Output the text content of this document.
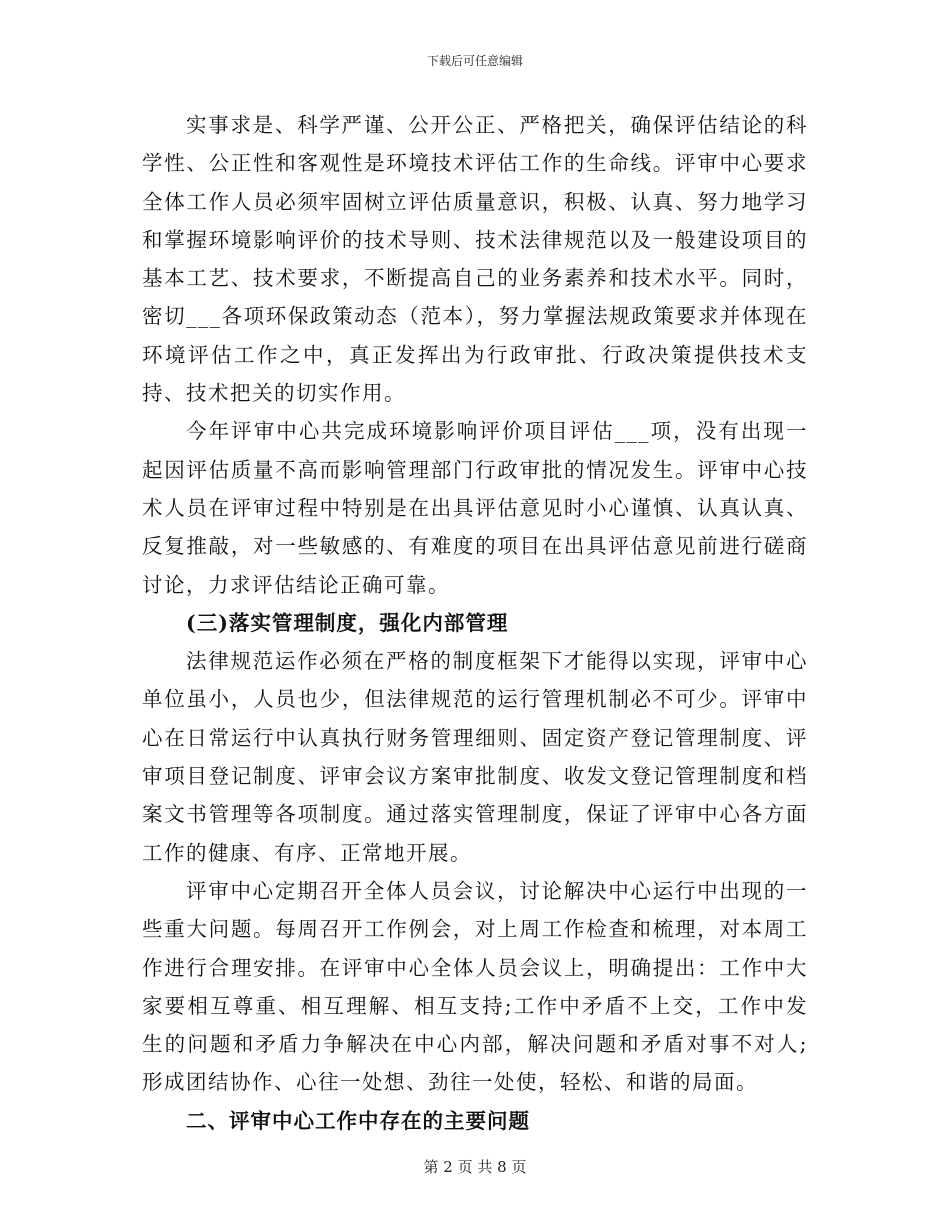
下载后可任意编辑

实事求是、科学严谨、公开公正、严格把关，确保评估结论的科学性、公正性和客观性是环境技术评估工作的生命线。评审中心要求全体工作人员必须牢固树立评估质量意识，积极、认真、努力地学习和掌握环境影响评价的技术导则、技术法律规范以及一般建设项目的基本工艺、技术要求，不断提高自己的业务素养和技术水平。同时，密切___各项环保政策动态（范本），努力掌握法规政策要求并体现在环境评估工作之中，真正发挥出为行政审批、行政决策提供技术支持、技术把关的切实作用。

今年评审中心共完成环境影响评价项目评估___项，没有出现一起因评估质量不高而影响管理部门行政审批的情况发生。评审中心技术人员在评审过程中特别是在出具评估意见时小心谨慎、认真认真、反复推敲，对一些敏感的、有难度的项目在出具评估意见前进行磋商讨论，力求评估结论正确可靠。

(三)落实管理制度，强化内部管理

法律规范运作必须在严格的制度框架下才能得以实现，评审中心单位虽小，人员也少，但法律规范的运行管理机制必不可少。评审中心在日常运行中认真执行财务管理细则、固定资产登记管理制度、评审项目登记制度、评审会议方案审批制度、收发文登记管理制度和档案文书管理等各项制度。通过落实管理制度，保证了评审中心各方面工作的健康、有序、正常地开展。

评审中心定期召开全体人员会议，讨论解决中心运行中出现的一些重大问题。每周召开工作例会，对上周工作检查和梳理，对本周工作进行合理安排。在评审中心全体人员会议上，明确提出：工作中大家要相互尊重、相互理解、相互支持;工作中矛盾不上交，工作中发生的问题和矛盾力争解决在中心内部，解决问题和矛盾对事不对人;形成团结协作、心往一处想、劲往一处使，轻松、和谐的局面。

二、评审中心工作中存在的主要问题

第 2 页 共 8 页
